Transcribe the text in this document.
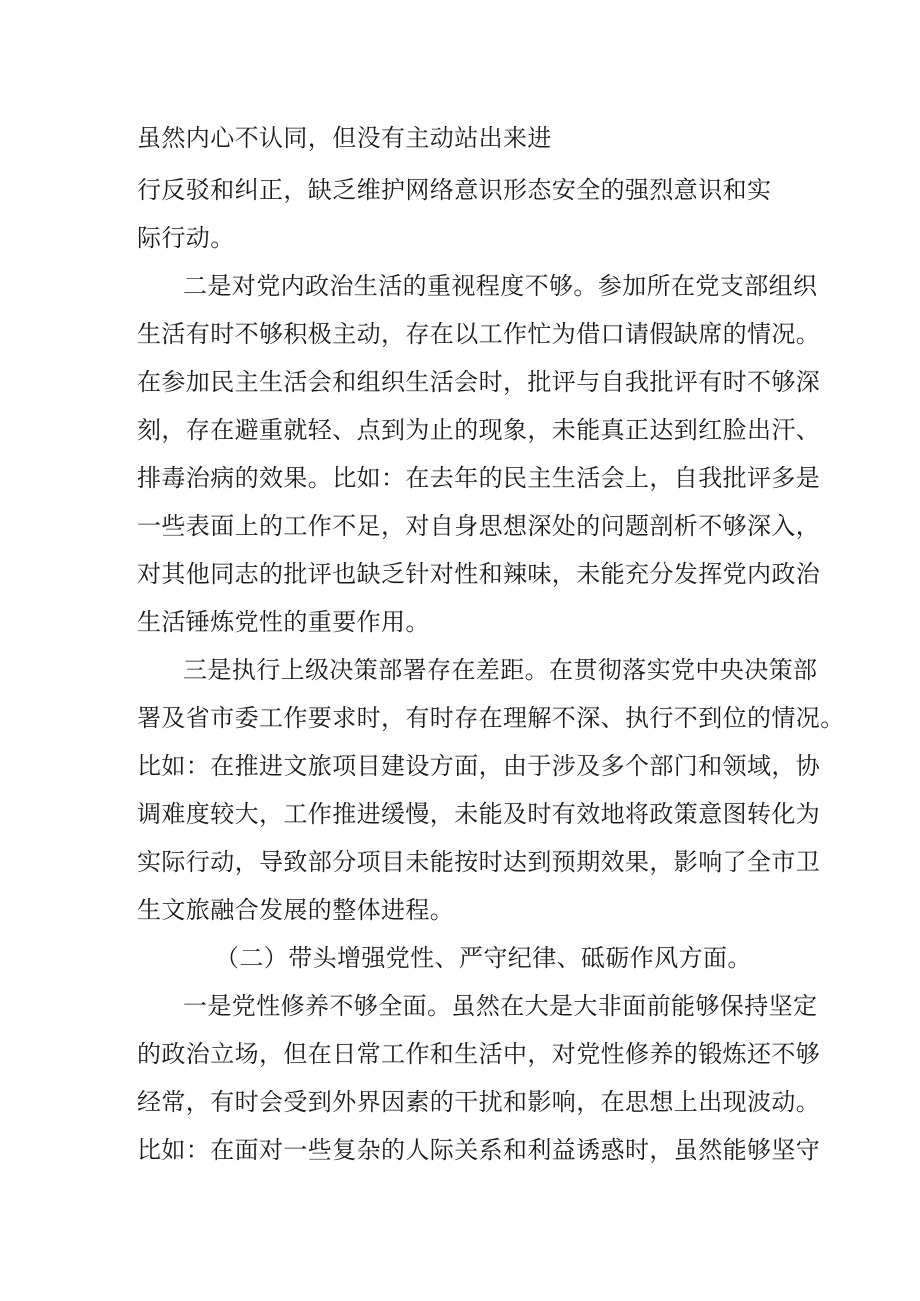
虽然内心不认同，但没有主动站出来进
行反驳和纠正，缺乏维护网络意识形态安全的强烈意识和实
际行动。
二是对党内政治生活的重视程度不够。参加所在党支部组织
生活有时不够积极主动，存在以工作忙为借口请假缺席的情况。
在参加民主生活会和组织生活会时，批评与自我批评有时不够深
刻，存在避重就轻、点到为止的现象，未能真正达到红脸出汗、
排毒治病的效果。比如：在去年的民主生活会上，自我批评多是
一些表面上的工作不足，对自身思想深处的问题剖析不够深入，
对其他同志的批评也缺乏针对性和辣味，未能充分发挥党内政治
生活锤炼党性的重要作用。
三是执行上级决策部署存在差距。在贯彻落实党中央决策部
署及省市委工作要求时，有时存在理解不深、执行不到位的情况。
比如：在推进文旅项目建设方面，由于涉及多个部门和领域，协
调难度较大，工作推进缓慢，未能及时有效地将政策意图转化为
实际行动，导致部分项目未能按时达到预期效果，影响了全市卫
生文旅融合发展的整体进程。
（二）带头增强党性、严守纪律、砥砺作风方面。
一是党性修养不够全面。虽然在大是大非面前能够保持坚定
的政治立场，但在日常工作和生活中，对党性修养的锻炼还不够
经常，有时会受到外界因素的干扰和影响，在思想上出现波动。
比如：在面对一些复杂的人际关系和利益诱惑时，虽然能够坚守
